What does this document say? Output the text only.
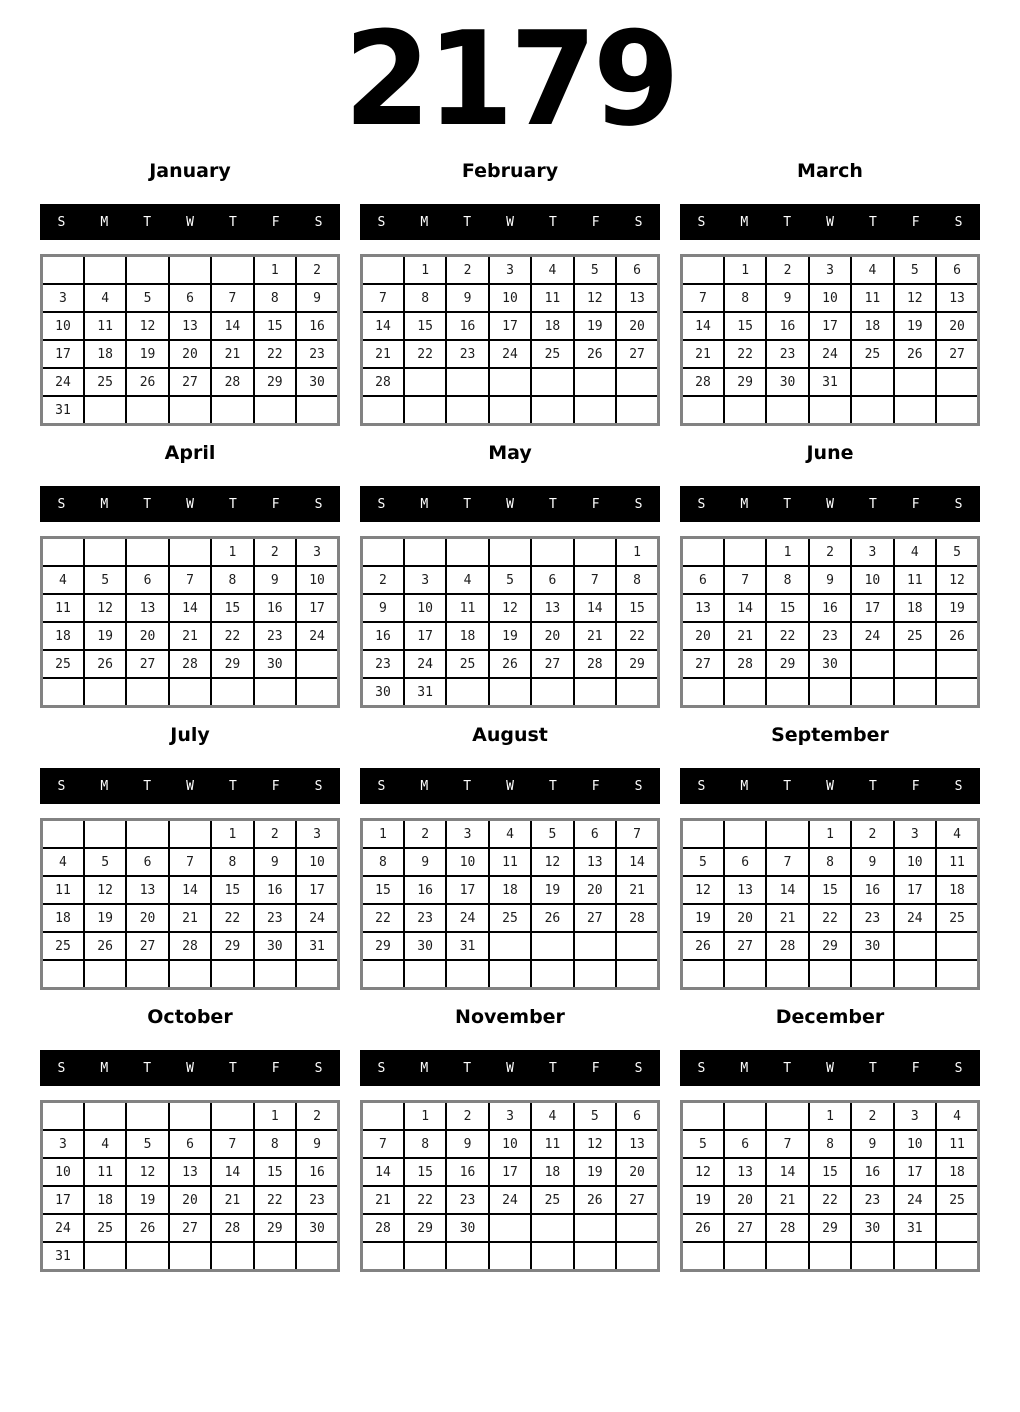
2179
January
S	M	T	W	T	F	S
					1	2
3	4	5	6	7	8	9
10	11	12	13	14	15	16
17	18	19	20	21	22	23
24	25	26	27	28	29	30
31						
February
S	M	T	W	T	F	S
	1	2	3	4	5	6
7	8	9	10	11	12	13
14	15	16	17	18	19	20
21	22	23	24	25	26	27
28						

March
S	M	T	W	T	F	S
	1	2	3	4	5	6
7	8	9	10	11	12	13
14	15	16	17	18	19	20
21	22	23	24	25	26	27
28	29	30	31			

April
S	M	T	W	T	F	S
				1	2	3
4	5	6	7	8	9	10
11	12	13	14	15	16	17
18	19	20	21	22	23	24
25	26	27	28	29	30	

May
S	M	T	W	T	F	S
						1
2	3	4	5	6	7	8
9	10	11	12	13	14	15
16	17	18	19	20	21	22
23	24	25	26	27	28	29
30	31					
June
S	M	T	W	T	F	S
		1	2	3	4	5
6	7	8	9	10	11	12
13	14	15	16	17	18	19
20	21	22	23	24	25	26
27	28	29	30			

July
S	M	T	W	T	F	S
				1	2	3
4	5	6	7	8	9	10
11	12	13	14	15	16	17
18	19	20	21	22	23	24
25	26	27	28	29	30	31

August
S	M	T	W	T	F	S
1	2	3	4	5	6	7
8	9	10	11	12	13	14
15	16	17	18	19	20	21
22	23	24	25	26	27	28
29	30	31				

September
S	M	T	W	T	F	S
			1	2	3	4
5	6	7	8	9	10	11
12	13	14	15	16	17	18
19	20	21	22	23	24	25
26	27	28	29	30		

October
S	M	T	W	T	F	S
					1	2
3	4	5	6	7	8	9
10	11	12	13	14	15	16
17	18	19	20	21	22	23
24	25	26	27	28	29	30
31						
November
S	M	T	W	T	F	S
	1	2	3	4	5	6
7	8	9	10	11	12	13
14	15	16	17	18	19	20
21	22	23	24	25	26	27
28	29	30				

December
S	M	T	W	T	F	S
			1	2	3	4
5	6	7	8	9	10	11
12	13	14	15	16	17	18
19	20	21	22	23	24	25
26	27	28	29	30	31	
